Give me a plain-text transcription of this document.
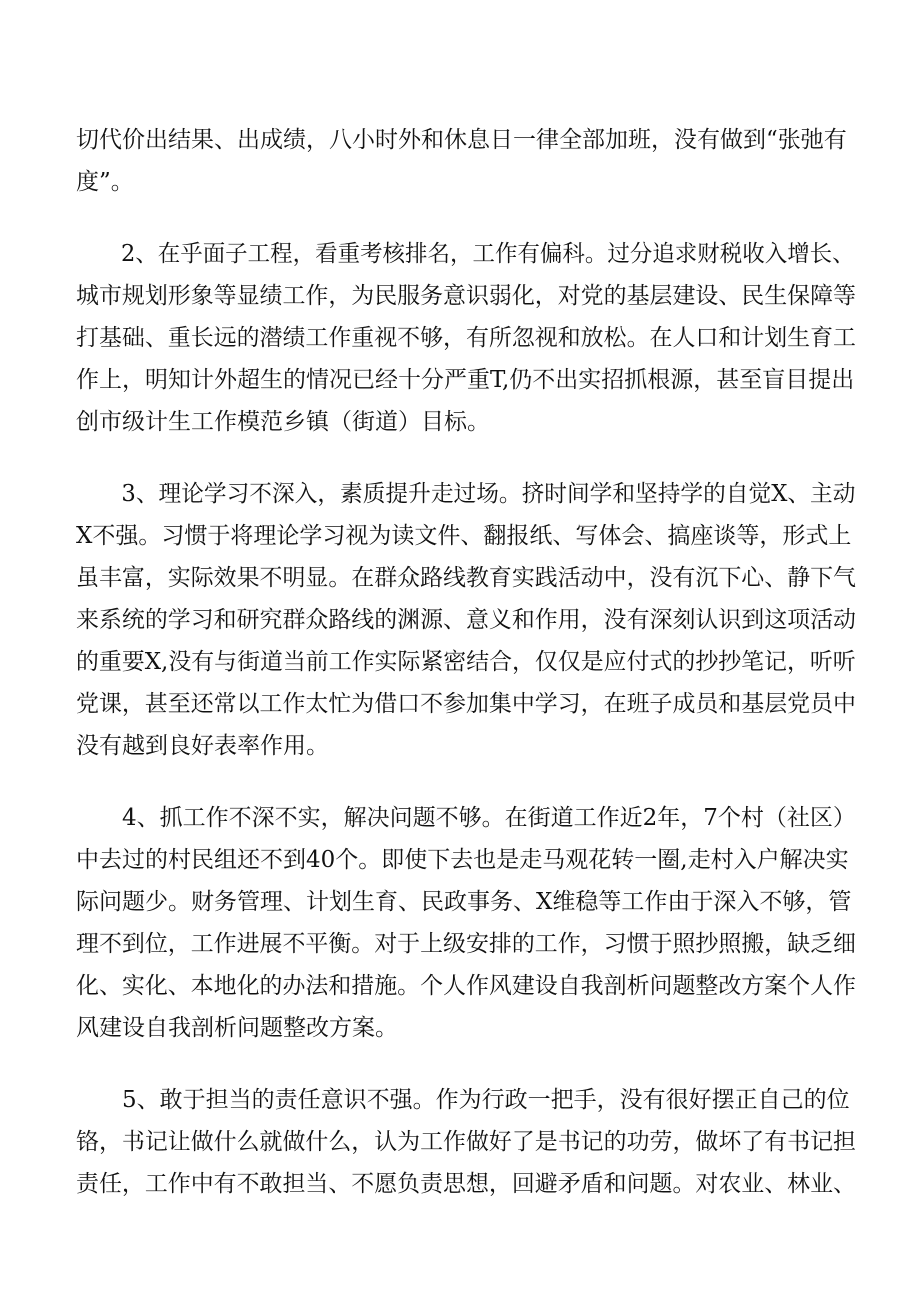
切代价出结果、出成绩，八小时外和休息日一律全部加班，没有做到“张弛有
度”。
2、在乎面子工程，看重考核排名，工作有偏科。过分追求财税收入增长、
城市规划形象等显绩工作，为民服务意识弱化，对党的基层建设、民生保障等
打基础、重长远的潜绩工作重视不够，有所忽视和放松。在人口和计划生育工
作上，明知计外超生的情况已经十分严重T,仍不出实招抓根源，甚至盲目提出
创市级计生工作模范乡镇（街道）目标。
3、理论学习不深入，素质提升走过场。挤时间学和坚持学的自觉X、主动
X不强。习惯于将理论学习视为读文件、翻报纸、写体会、搞座谈等，形式上
虽丰富，实际效果不明显。在群众路线教育实践活动中，没有沉下心、静下气
来系统的学习和研究群众路线的渊源、意义和作用，没有深刻认识到这项活动
的重要X,没有与街道当前工作实际紧密结合，仅仅是应付式的抄抄笔记，听听
党课，甚至还常以工作太忙为借口不参加集中学习，在班子成员和基层党员中
没有越到良好表率作用。
4、抓工作不深不实，解决问题不够。在街道工作近2年，7个村（社区）
中去过的村民组还不到40个。即使下去也是走马观花转一圈,走村入户解决实
际问题少。财务管理、计划生育、民政事务、X维稳等工作由于深入不够，管
理不到位，工作进展不平衡。对于上级安排的工作，习惯于照抄照搬，缺乏细
化、实化、本地化的办法和措施。个人作风建设自我剖析问题整改方案个人作
风建设自我剖析问题整改方案。
5、敢于担当的责任意识不强。作为行政一把手，没有很好摆正自己的位
铬，书记让做什么就做什么，认为工作做好了是书记的功劳，做坏了有书记担
责任，工作中有不敢担当、不愿负责思想，回避矛盾和问题。对农业、林业、
